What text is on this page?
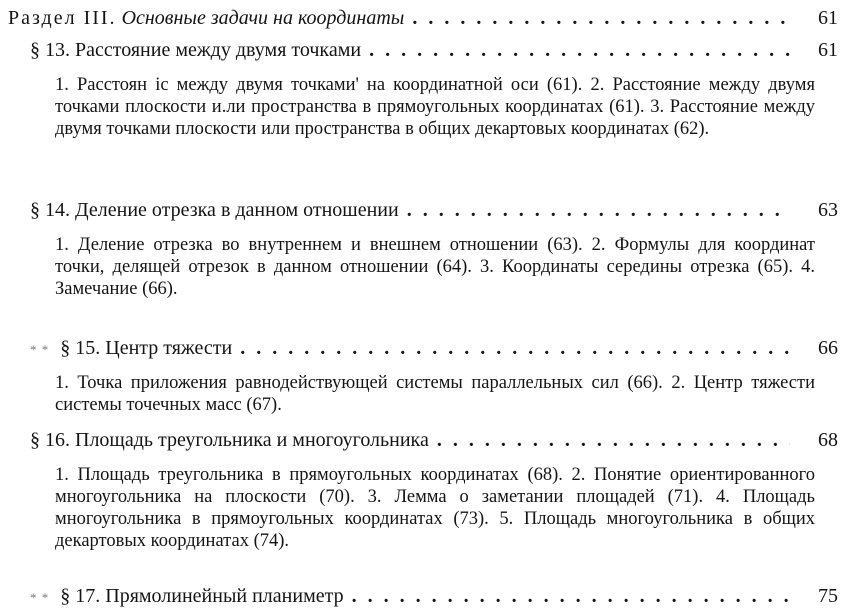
Раздел III. Основные задачи на координаты . . .	61
§ 13. Расстояние между двумя точками . . .	61
1. Расстоян іс между двумя точками' на координатной оси (61). 2. Расстояние между двумя точками плоскости и.ли пространства в прямоугольных координатах (61). 3. Расстояние между двумя точками плоскости или пространства в общих декартовых координатах (62).
§ 14. Деление отрезка в данном отношении . . .	63
1. Деление отрезка во внутреннем и внешнем отношении (63). 2. Формулы для координат точки, делящей отрезок в данном отношении (64). 3. Координаты середины отрезка (65). 4. Замечание (66).
* * § 15. Центр тяжести . . .	66
1. Точка приложения равнодействующей системы параллельных сил (66). 2. Центр тяжести системы точечных масс (67).
§ 16. Площадь треугольника и многоугольника . . .	68
1. Площадь треугольника в прямоугольных координатах (68). 2. Понятие ориентированного многоугольника на плоскости (70). 3. Лемма о заметании площадей (71). 4. Площадь многоугольника в прямоугольных координатах (73). 5. Площадь многоугольника в общих декартовых координатах (74).
* * § 17. Прямолинейный планиметр . . .	75
